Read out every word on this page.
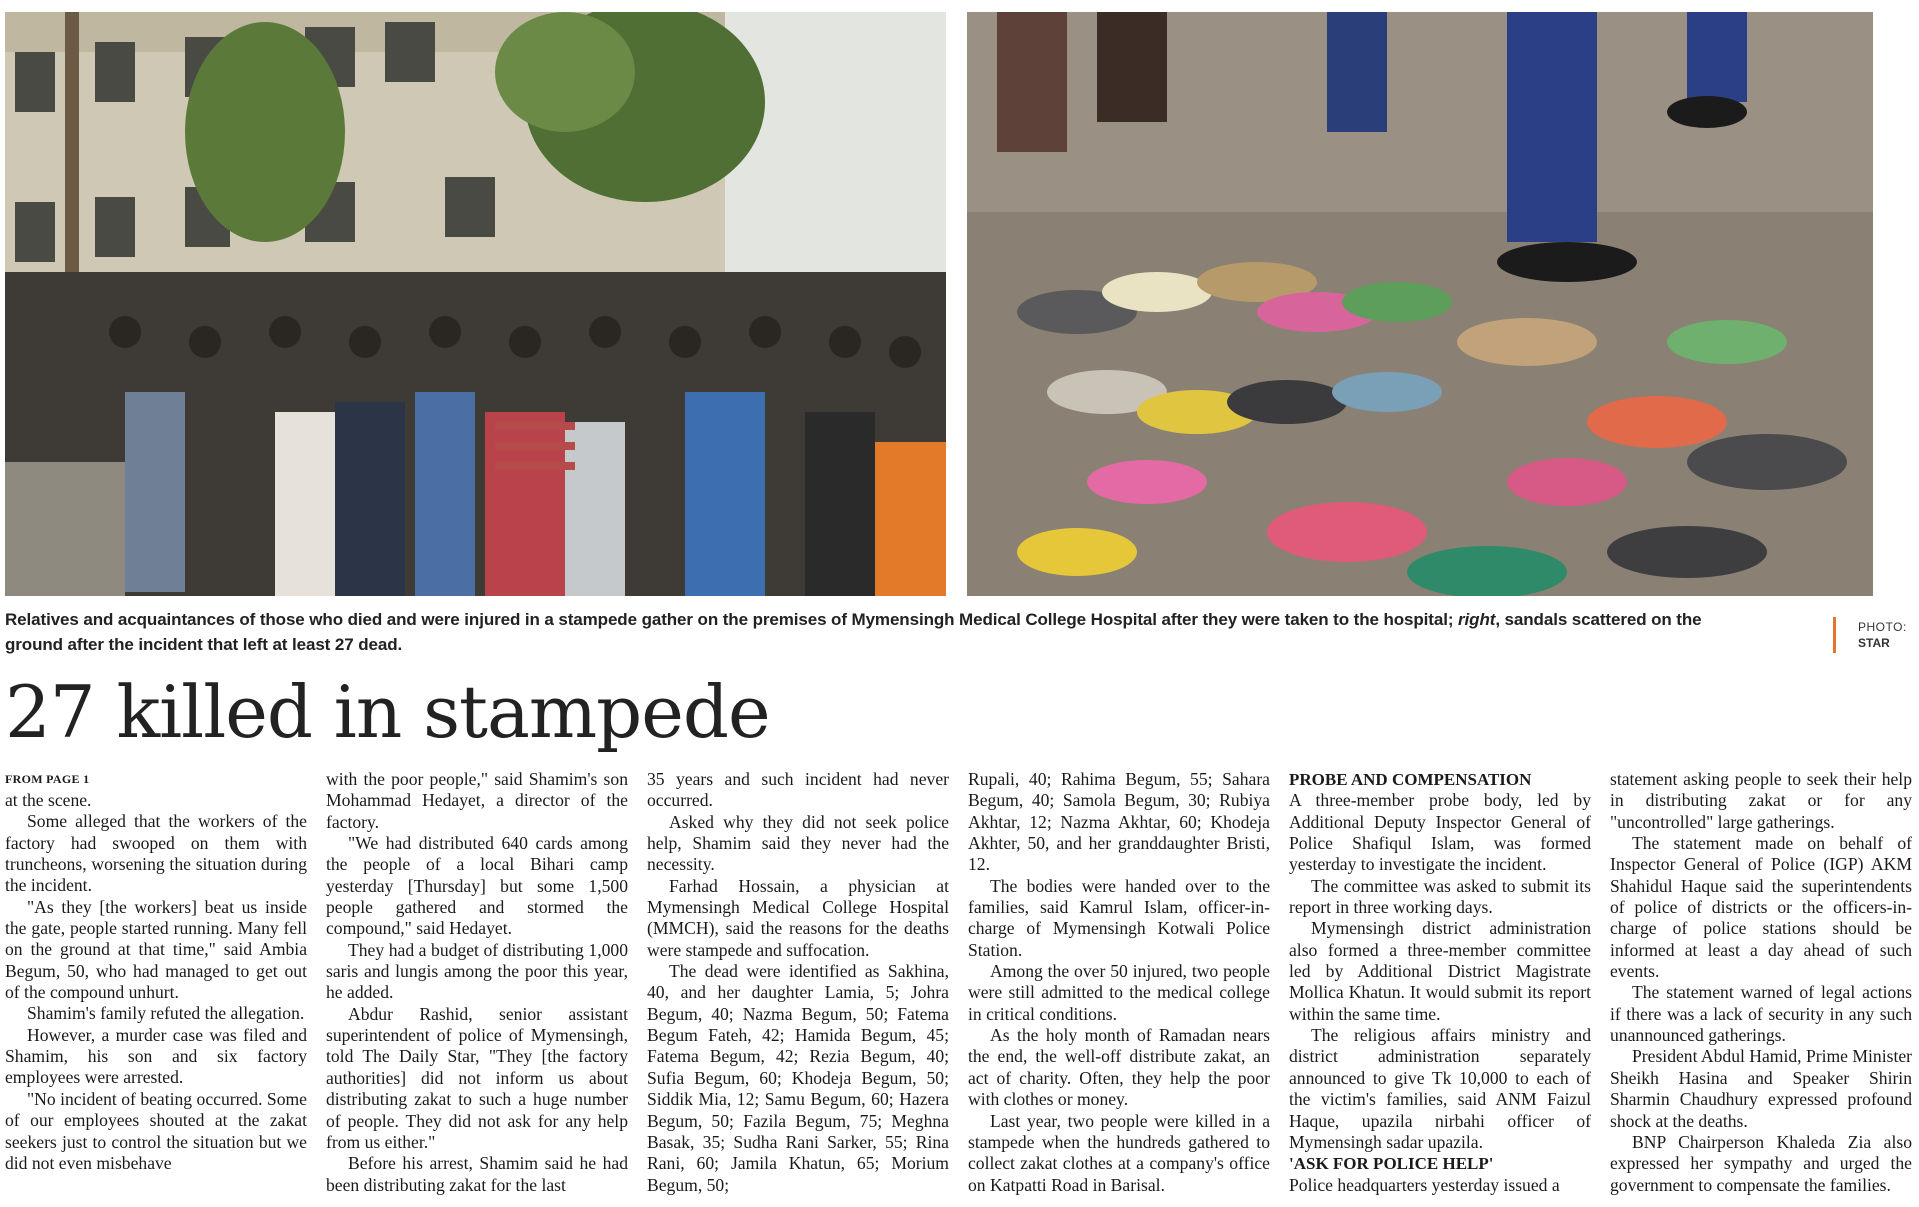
Relatives and acquaintances of those who died and were injured in a stampede gather on the premises of Mymensingh Medical College Hospital after they were taken to the hospital; right, sandals scattered on the ground after the incident that left at least 27 dead.
PHOTO:
STAR
27 killed in stampede
FROM PAGE 1

at the scene.

Some alleged that the workers of the factory had swooped on them with truncheons, worsening the situation during the incident.

"As they [the workers] beat us inside the gate, people started running. Many fell on the ground at that time," said Ambia Begum, 50, who had managed to get out of the compound unhurt.

Shamim's family refuted the allegation.

However, a murder case was filed and Shamim, his son and six factory employees were arrested.

"No incident of beating occurred. Some of our employees shouted at the zakat seekers just to control the situation but we did not even misbehave

with the poor people," said Shamim's son Mohammad Hedayet, a director of the factory.

"We had distributed 640 cards among the people of a local Bihari camp yesterday [Thursday] but some 1,500 people gathered and stormed the compound," said Hedayet.

They had a budget of distributing 1,000 saris and lungis among the poor this year, he added.

Abdur Rashid, senior assistant superintendent of police of Mymensingh, told The Daily Star, "They [the factory authorities] did not inform us about distributing zakat to such a huge number of people. They did not ask for any help from us either."

Before his arrest, Shamim said he had been distributing zakat for the last

35 years and such incident had never occurred.

Asked why they did not seek police help, Shamim said they never had the necessity.

Farhad Hossain, a physician at Mymensingh Medical College Hospital (MMCH), said the reasons for the deaths were stampede and suffocation.

The dead were identified as Sakhina, 40, and her daughter Lamia, 5; Johra Begum, 40; Nazma Begum, 50; Fatema Begum Fateh, 42; Hamida Begum, 45; Fatema Begum, 42; Rezia Begum, 40; Sufia Begum, 60; Khodeja Begum, 50; Siddik Mia, 12; Samu Begum, 60; Hazera Begum, 50; Fazila Begum, 75; Meghna Basak, 35; Sudha Rani Sarker, 55; Rina Rani, 60; Jamila Khatun, 65; Morium Begum, 50;

Rupali, 40; Rahima Begum, 55; Sahara Begum, 40; Samola Begum, 30; Rubiya Akhtar, 12; Nazma Akhtar, 60; Khodeja Akhter, 50, and her granddaughter Bristi, 12.

The bodies were handed over to the families, said Kamrul Islam, officer-in-charge of Mymensingh Kotwali Police Station.

Among the over 50 injured, two people were still admitted to the medical college in critical conditions.

As the holy month of Ramadan nears the end, the well-off distribute zakat, an act of charity. Often, they help the poor with clothes or money.

Last year, two people were killed in a stampede when the hundreds gathered to collect zakat clothes at a company's office on Katpatti Road in Barisal.

PROBE AND COMPENSATION

A three-member probe body, led by Additional Deputy Inspector General of Police Shafiqul Islam, was formed yesterday to investigate the incident.

The committee was asked to submit its report in three working days.

Mymensingh district administration also formed a three-member committee led by Additional District Magistrate Mollica Khatun. It would submit its report within the same time.

The religious affairs ministry and district administration separately announced to give Tk 10,000 to each of the victim's families, said ANM Faizul Haque, upazila nirbahi officer of Mymensingh sadar upazila.

'ASK FOR POLICE HELP'

Police headquarters yesterday issued a

statement asking people to seek their help in distributing zakat or for any "uncontrolled" large gatherings.

The statement made on behalf of Inspector General of Police (IGP) AKM Shahidul Haque said the superintendents of police of districts or the officers-in-charge of police stations should be informed at least a day ahead of such events.

The statement warned of legal actions if there was a lack of security in any such unannounced gatherings.

President Abdul Hamid, Prime Minister Sheikh Hasina and Speaker Shirin Sharmin Chaudhury expressed profound shock at the deaths.

BNP Chairperson Khaleda Zia also expressed her sympathy and urged the government to compensate the families.
